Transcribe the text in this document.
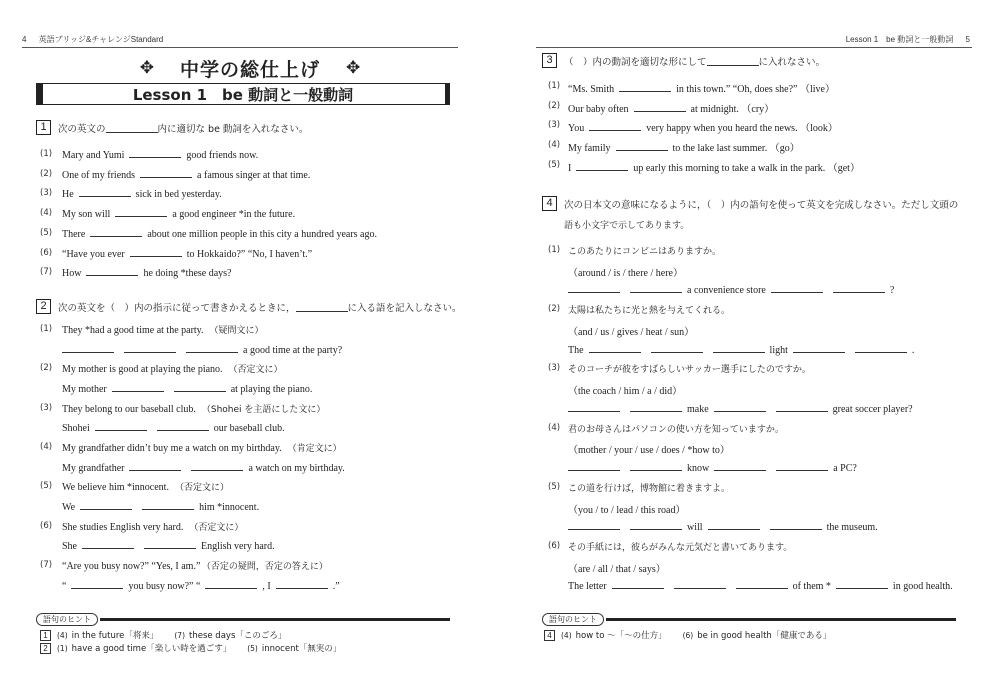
4 英語ブリッジ&チャレンジStandard
✥ 中学の総仕上げ ✥
Lesson 1　be 動詞と一般動詞
1	次の英文の	内に適切な be 動詞を入れなさい。
(1) Mary and Yumi	good friends now.
(2) One of my friends	a famous singer at that time.
(3) He	sick in bed yesterday.
(4) My son will	a good engineer *in the future.
(5) There	about one million people in this city a hundred years ago.
(6) “Have you ever	to Hokkaido?” “No, I haven’t.”
(7) How	he doing *these days?
2	次の英文を（　）内の指示に従って書きかえるときに，	に入る語を記入しなさい。
(1) They *had a good time at the party. （疑問文に）
a good time at the party?
(2) My mother is good at playing the piano. （否定文に）
My mother	at playing the piano.
(3) They belong to our baseball club. （Shohei を主語にした文に）
Shohei	our baseball club.
(4) My grandfather didn’t buy me a watch on my birthday. （肯定文に）
My grandfather	a watch on my birthday.
(5) We believe him *innocent. （否定文に）
We	him *innocent.
(6) She studies English very hard. （否定文に）
She	English very hard.
(7) “Are you busy now?” “Yes, I am.” （否定の疑問，否定の答えに）
“	you busy now?” “	, I	.”
語句のヒント
1	(4) in the future「将来」 (7) these days「このごろ」
2	(1) have a good time「楽しい時を過ごす」 (5) innocent「無実の」
Lesson 1　be 動詞と一般動詞 5
3	（　）内の動詞を適切な形にして	に入れなさい。
(1) “Ms. Smith	in this town.” “Oh, does she?” （live）
(2) Our baby often	at midnight. （cry）
(3) You	very happy when you heard the news. （look）
(4) My family	to the lake last summer. （go）
(5) I	up early this morning to take a walk in the park. （get）
4	次の日本文の意味になるように，（　）内の語句を使って英文を完成しなさい。ただし文頭の
語も小文字で示してあります。
(1) このあたりにコンビニはありますか。
（around / is / there / here）
a convenience store	?
(2) 太陽は私たちに光と熱を与えてくれる。
（and / us / gives / heat / sun）
The	light	.
(3) そのコーチが彼をすばらしいサッカー選手にしたのですか。
（the coach / him / a / did）
make	great soccer player?
(4) 君のお母さんはパソコンの使い方を知っていますか。
（mother / your / use / does / *how to）
know	a PC?
(5) この道を行けば，博物館に着きますよ。
（you / to / lead / this road）
will	the museum.
(6) その手紙には，彼らがみんな元気だと書いてあります。
（are / all / that / says）
The letter	of them *	in good health.
語句のヒント
4	(4) how to ～「～の仕方」 (6) be in good health「健康である」
